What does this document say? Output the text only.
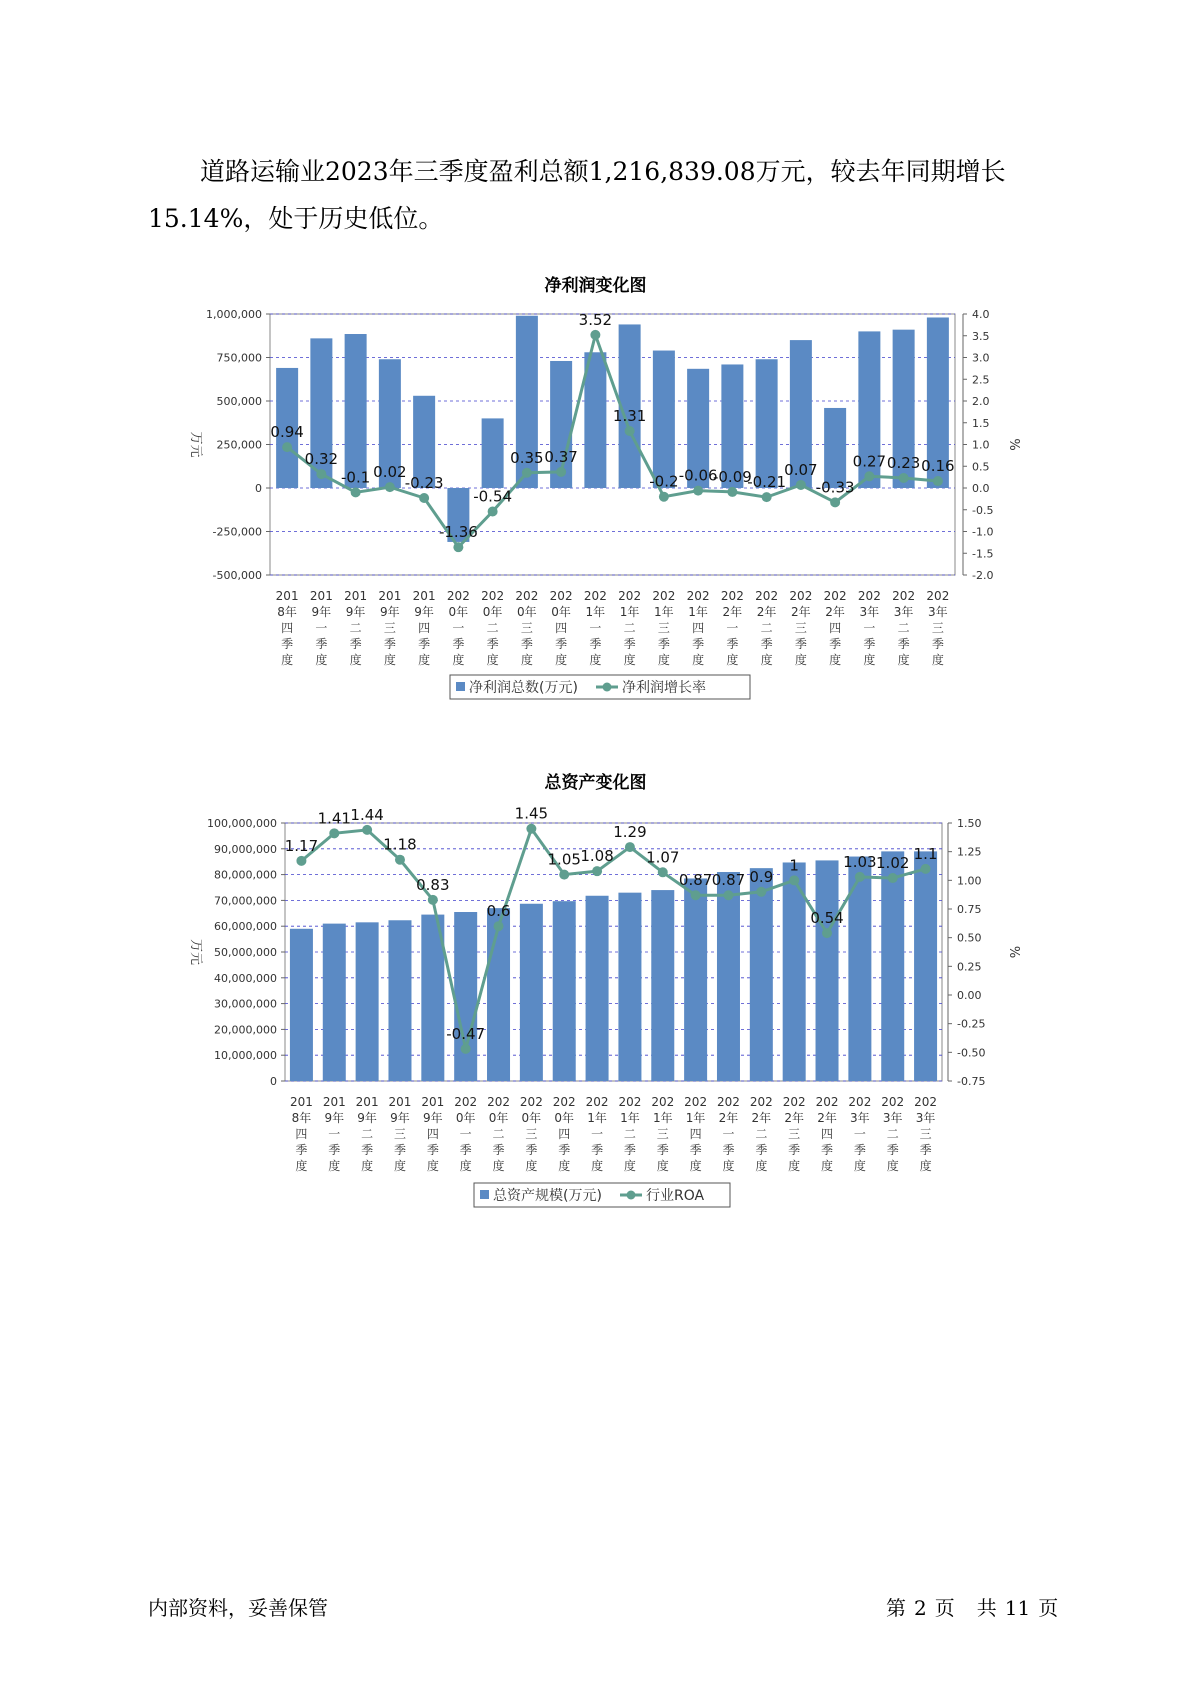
道路运输业2023年三季度盈利总额1,216,839.08万元，较去年同期增长15.14%，处于历史低位。

净利润变化图
-500,000
-250,000
0
250,000
500,000
750,000
1,000,000
-2.0
-1.5
-1.0
-0.5
0.0
0.5
1.0
1.5
2.0
2.5
3.0
3.5
4.0
万元	%
201 8年四季度
201 9年一季度
201 9年二季度
201 9年三季度
201 9年四季度
202 0年一季度
202 0年二季度
202 0年三季度
202 0年四季度
202 1年一季度
202 1年二季度
202 1年三季度
202 1年四季度
202 2年一季度
202 2年二季度
202 2年三季度
202 2年四季度
202 3年一季度
202 3年二季度
202 3年三季度
0.94
0.32
-0.1 0.02
-0.23
-1.36
-0.54
0.35 0.37
3.52
1.31
-0.2 -0.06
-0.09
-0.21
0.07
-0.33
0.27 0.23 0.16
净利润总数(万元)	净利润增长率
总资产变化图
0
10,000,000
20,000,000
30,000,000
40,000,000
50,000,000
60,000,000
70,000,000
80,000,000
90,000,000
100,000,000
-0.75
-0.50
-0.25
0.00
0.25
0.50
0.75
1.00
1.25
1.50
万元	%
201 8年四季度
201 9年一季度
201 9年二季度
201 9年三季度
201 9年四季度
202 0年一季度
202 0年二季度
202 0年三季度
202 0年四季度
202 1年一季度
202 1年二季度
202 1年三季度
202 1年四季度
202 2年一季度
202 2年二季度
202 2年三季度
202 2年四季度
202 3年一季度
202 3年二季度
202 3年三季度
1.17
1.41 1.44
1.18
0.83
-0.47
0.6
1.45
1.05 1.08
1.29
1.07
0.87 0.87 0.9
1
0.54
1.03 1.02
1.1
总资产规模(万元)	行业ROA
内部资料，妥善保管	第 2 页 共 11 页
